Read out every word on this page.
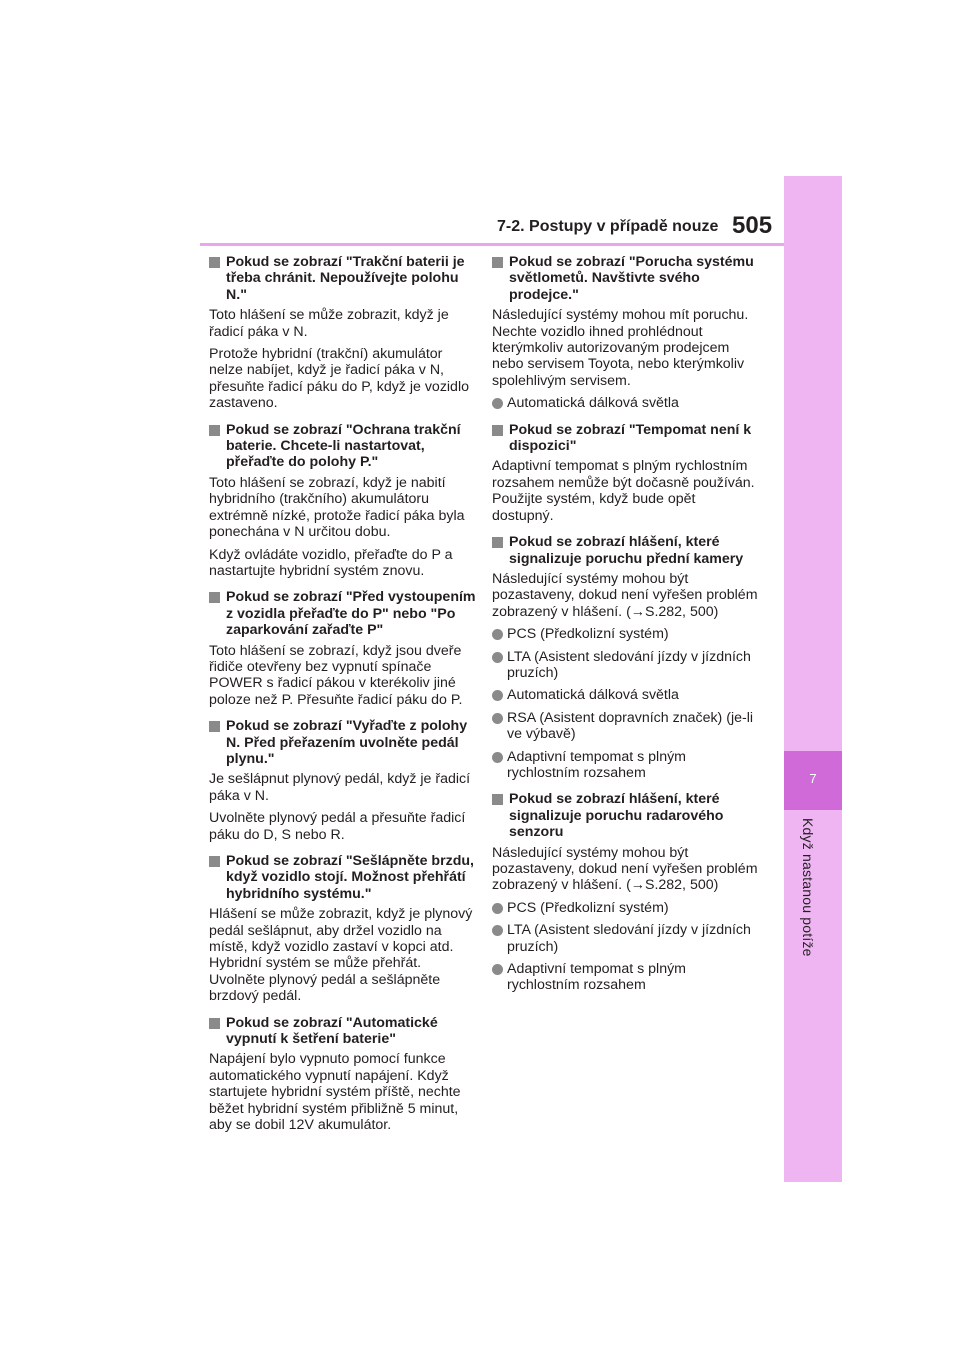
7-2. Postupy v případě nouze 505
7
Když nastanou potíže
Pokud se zobrazí "Trakční baterii je třeba chránit. Nepoužívejte polohu N."
Toto hlášení se může zobrazit, když je řadicí páka v N.
Protože hybridní (trakční) akumulátor nelze nabíjet, když je řadicí páka v N, přesuňte řadicí páku do P, když je vozidlo zastaveno.
Pokud se zobrazí "Ochrana trakční baterie. Chcete-li nastartovat, přeřaďte do polohy P."
Toto hlášení se zobrazí, když je nabití hybridního (trakčního) akumulátoru extrémně nízké, protože řadicí páka byla ponechána v N určitou dobu.
Když ovládáte vozidlo, přeřaďte do P a nastartujte hybridní systém znovu.
Pokud se zobrazí "Před vystoupením z vozidla přeřaďte do P" nebo "Po zaparkování zařaďte P"
Toto hlášení se zobrazí, když jsou dveře řidiče otevřeny bez vypnutí spínače POWER s řadicí pákou v kterékoliv jiné poloze než P. Přesuňte řadicí páku do P.
Pokud se zobrazí "Vyřaďte z polohy N. Před přeřazením uvolněte pedál plynu."
Je sešlápnut plynový pedál, když je řadicí páka v N.
Uvolněte plynový pedál a přesuňte řadicí páku do D, S nebo R.
Pokud se zobrazí "Sešlápněte brzdu, když vozidlo stojí. Možnost přehřátí hybridního systému."
Hlášení se může zobrazit, když je plynový pedál sešlápnut, aby držel vozidlo na místě, když vozidlo zastaví v kopci atd. Hybridní systém se může přehřát. Uvolněte plynový pedál a sešlápněte brzdový pedál.
Pokud se zobrazí "Automatické vypnutí k šetření baterie"
Napájení bylo vypnuto pomocí funkce automatického vypnutí napájení. Když startujete hybridní systém příště, nechte běžet hybridní systém přibližně 5 minut, aby se dobil 12V akumulátor.
Pokud se zobrazí "Porucha systému světlometů. Navštivte svého prodejce."
Následující systémy mohou mít poruchu. Nechte vozidlo ihned prohlédnout kterýmkoliv autorizovaným prodejcem nebo servisem Toyota, nebo kterýmkoliv spolehlivým servisem.
Automatická dálková světla
Pokud se zobrazí "Tempomat není k dispozici"
Adaptivní tempomat s plným rychlostním rozsahem nemůže být dočasně používán. Použijte systém, když bude opět dostupný.
Pokud se zobrazí hlášení, které signalizuje poruchu přední kamery
Následující systémy mohou být pozastaveny, dokud není vyřešen problém zobrazený v hlášení. (→S.282, 500)
PCS (Předkolizní systém)
LTA (Asistent sledování jízdy v jízdních pruzích)
Automatická dálková světla
RSA (Asistent dopravních značek) (je-li ve výbavě)
Adaptivní tempomat s plným rychlostním rozsahem
Pokud se zobrazí hlášení, které signalizuje poruchu radarového senzoru
Následující systémy mohou být pozastaveny, dokud není vyřešen problém zobrazený v hlášení. (→S.282, 500)
PCS (Předkolizní systém)
LTA (Asistent sledování jízdy v jízdních pruzích)
Adaptivní tempomat s plným rychlostním rozsahem
